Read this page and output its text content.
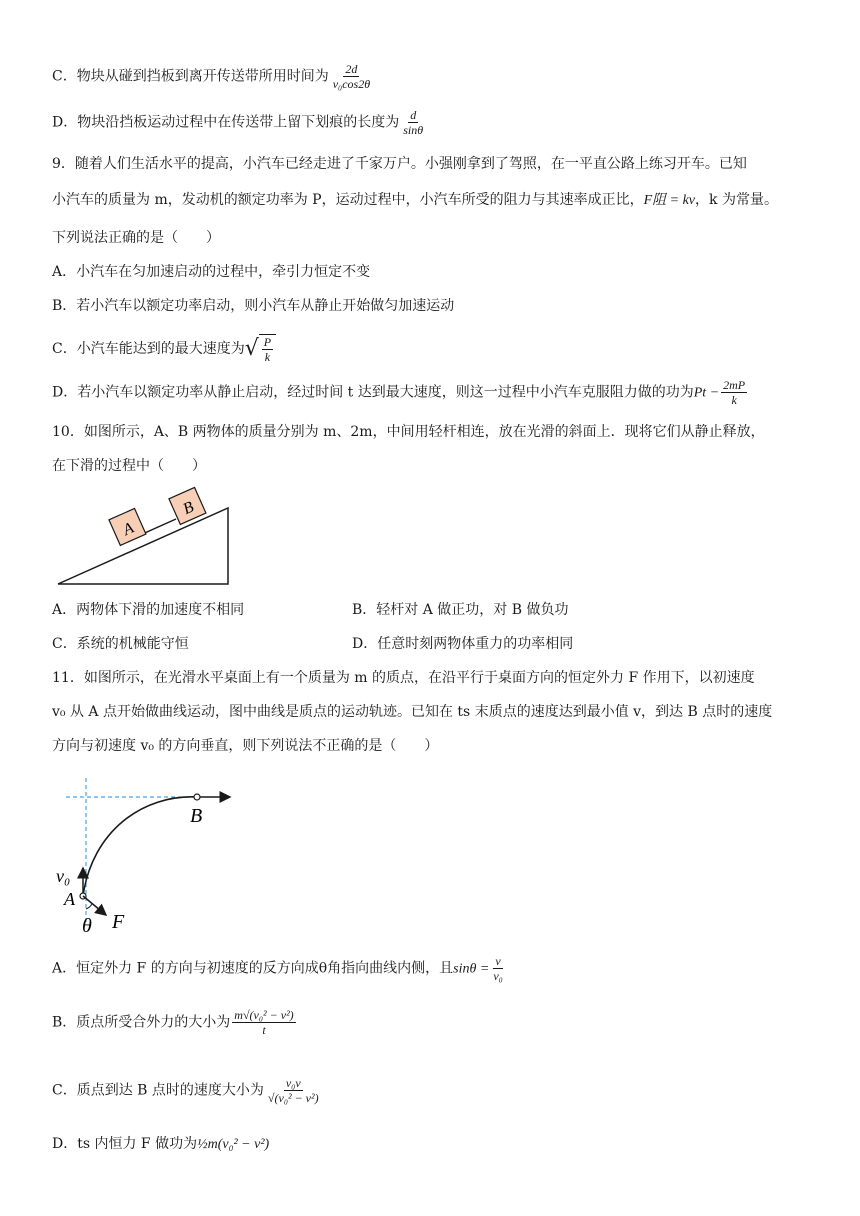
C．物块从碰到挡板到离开传送带所用时间为 $\frac{2d}{\text{v₀cos2θ}}$
D．物块沿挡板运动过程中在传送带上留下划痕的长度为 $\frac{d}{\sin\theta}$
9．随着人们生活水平的提高，小汽车已经走进了千家万户。小强刚拿到了驾照，在一平直公路上练习开车。已知
小汽车的质量为 m，发动机的额定功率为 P，运动过程中，小汽车所受的阻力与其速率成正比，F阻 = kv，k 为常量。
下列说法正确的是（　　）
A．小汽车在匀加速启动的过程中，牵引力恒定不变
B．若小汽车以额定功率启动，则小汽车从静止开始做匀加速运动
C．小汽车能达到的最大速度为 √ $\frac{P}{k}$
D．若小汽车以额定功率从静止启动，经过时间 t 达到最大速度，则这一过程中小汽车克服阻力做的功为$Pt - \frac{2mP}{k}$
10．如图所示，A、B 两物体的质量分别为 m、2m，中间用轻杆相连，放在光滑的斜面上．现将它们从静止释放，
在下滑的过程中（　　）
A
B
A．两物体下滑的加速度不相同	B．轻杆对 A 做正功，对 B 做负功
C．系统的机械能守恒	D．任意时刻两物体重力的功率相同
11．如图所示，在光滑水平桌面上有一个质量为 m 的质点，在沿平行于桌面方向的恒定外力 F 作用下，以初速度
v₀ 从 A 点开始做曲线运动，图中曲线是质点的运动轨迹。已知在 ts 末质点的速度达到最小值 v，到达 B 点时的速度
方向与初速度 v₀ 的方向垂直，则下列说法不正确的是（　　）
B
v₀
A
θ F
A．恒定外力 F 的方向与初速度的反方向成θ角指向曲线内侧，且$\sin\theta = \frac{v}{\text{v₀}}$
B．质点所受合外力的大小为 $\frac{\text{m√(v₀² − v²)}}{t}$
C．质点到达 B 点时的速度大小为 $\frac{\text{v₀v}}{\text{√(v₀² − v²)}}$
D．ts 内恒力 F 做功为½m(v₀² − v²)
